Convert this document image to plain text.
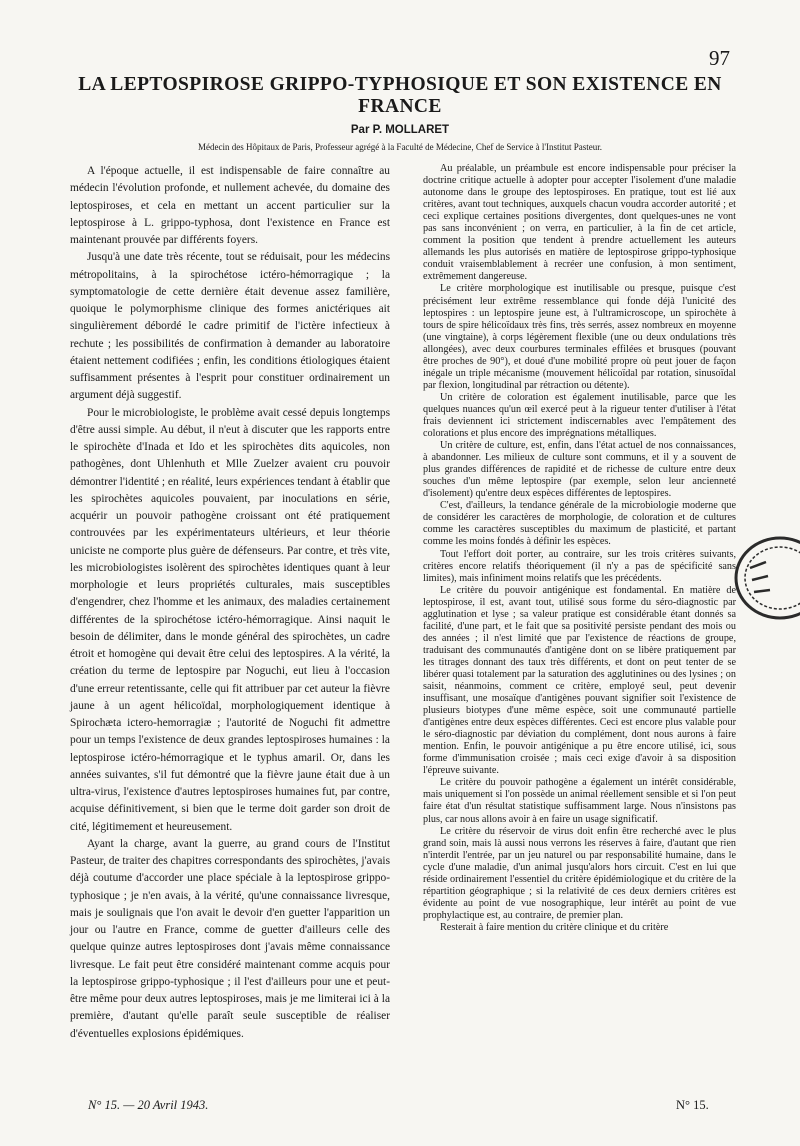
97
LA LEPTOSPIROSE GRIPPO-TYPHOSIQUE ET SON EXISTENCE EN FRANCE

Par P. MOLLARET

Médecin des Hôpitaux de Paris, Professeur agrégé à la Faculté de Médecine, Chef de Service à l'Institut Pasteur.

A l'époque actuelle, il est indispensable de faire connaître au médecin l'évolution profonde, et nullement achevée, du domaine des leptospiroses, et cela en mettant un accent particulier sur la leptospirose à L. grippo-typhosa, dont l'existence en France est maintenant prouvée par différents foyers.

Jusqu'à une date très récente, tout se réduisait, pour les médecins métropolitains, à la spirochétose ictéro-hémorragique ; la symptomatologie de cette dernière était devenue assez familière, quoique le polymorphisme clinique des formes anictériques ait singulièrement débordé le cadre primitif de l'ictère infectieux à rechute ; les possibilités de confirmation à demander au laboratoire étaient nettement codifiées ; enfin, les conditions étiologiques étaient suffisamment présentes à l'esprit pour constituer ordinairement un argument déjà suggestif.

Pour le microbiologiste, le problème avait cessé depuis longtemps d'être aussi simple. Au début, il n'eut à discuter que les rapports entre le spirochète d'Inada et Ido et les spirochètes dits aquicoles, non pathogènes, dont Uhlenhuth et Mlle Zuelzer avaient cru pouvoir démontrer l'identité ; en réalité, leurs expériences tendant à établir que les spirochètes aquicoles pouvaient, par inoculations en série, acquérir un pouvoir pathogène croissant ont été pratiquement controuvées par les expérimentateurs ultérieurs, et leur théorie uniciste ne comporte plus guère de défenseurs. Par contre, et très vite, les microbiologistes isolèrent des spirochètes identiques quant à leur morphologie et leurs propriétés culturales, mais susceptibles d'engendrer, chez l'homme et les animaux, des maladies certainement différentes de la spirochétose ictéro-hémorragique. Ainsi naquit le besoin de délimiter, dans le monde général des spirochètes, un cadre étroit et homogène qui devait être celui des leptospires. A la vérité, la création du terme de leptospire par Noguchi, eut lieu à l'occasion d'une erreur retentissante, celle qui fit attribuer par cet auteur la fièvre jaune à un agent hélicoïdal, morphologiquement identique à Spirochæta ictero-hemorragiæ ; l'autorité de Noguchi fit admettre pour un temps l'existence de deux grandes leptospiroses humaines : la leptospirose ictéro-hémorragique et le typhus amaril. Or, dans les années suivantes, s'il fut démontré que la fièvre jaune était due à un ultra-virus, l'existence d'autres leptospiroses humaines fut, par contre, acquise définitivement, si bien que le terme doit garder son droit de cité, légitimement et heureusement.

Ayant la charge, avant la guerre, au grand cours de l'Institut Pasteur, de traiter des chapitres correspondants des spirochètes, j'avais déjà coutume d'accorder une place spéciale à la leptospirose grippo-typhosique ; je n'en avais, à la vérité, qu'une connaissance livresque, mais je soulignais que l'on avait le devoir d'en guetter l'apparition un jour ou l'autre en France, comme de guetter d'ailleurs celle des quelque quinze autres leptospiroses dont j'avais même connaissance livresque. Le fait peut être considéré maintenant comme acquis pour la leptospirose grippo-typhosique ; il l'est d'ailleurs pour une et peut-être même pour deux autres leptospiroses, mais je me limiterai ici à la première, d'autant qu'elle paraît seule susceptible de réaliser d'éventuelles explosions épidémiques.

Au préalable, un préambule est encore indispensable pour préciser la doctrine critique actuelle à adopter pour accepter l'isolement d'une maladie autonome dans le groupe des leptospiroses. En pratique, tout est lié aux critères, avant tout techniques, auxquels chacun voudra accorder autorité ; et ceci explique certaines positions divergentes, dont quelques-unes ne vont pas sans inconvénient ; on verra, en particulier, à la fin de cet article, comment la position que tendent à prendre actuellement les auteurs allemands les plus autorisés en matière de leptospirose grippo-typhosique conduit vraisemblablement à recréer une confusion, à mon sentiment, extrêmement dangereuse.

Le critère morphologique est inutilisable ou presque, puisque c'est précisément leur extrême ressemblance qui fonde déjà l'unicité des leptospires : un leptospire jeune est, à l'ultramicroscope, un spirochète à tours de spire hélicoïdaux très fins, très serrés, assez nombreux en moyenne (une vingtaine), à corps légèrement flexible (une ou deux ondulations très allongées), avec deux courbures terminales effilées et brusques (pouvant être proches de 90°), et doué d'une mobilité propre où peut jouer de façon inégale un triple mécanisme (mouvement hélicoïdal par rotation, sinusoïdal par flexion, longitudinal par rétraction ou détente).

Un critère de coloration est également inutilisable, parce que les quelques nuances qu'un œil exercé peut à la rigueur tenter d'utiliser à l'état frais deviennent ici strictement indiscernables avec l'empâtement des colorations et plus encore des imprégnations métalliques.

Un critère de culture, est, enfin, dans l'état actuel de nos connaissances, à abandonner. Les milieux de culture sont communs, et il y a souvent de plus grandes différences de rapidité et de richesse de culture entre deux souches d'un même leptospire (par exemple, selon leur ancienneté d'isolement) qu'entre deux espèces différentes de leptospires.

C'est, d'ailleurs, la tendance générale de la microbiologie moderne que de considérer les caractères de morphologie, de coloration et de cultures comme les caractères susceptibles du maximum de plasticité, et partant comme les moins fondés à définir les espèces.

Tout l'effort doit porter, au contraire, sur les trois critères suivants, critères encore relatifs théoriquement (il n'y a pas de spécificité sans limites), mais infiniment moins relatifs que les précédents.

Le critère du pouvoir antigénique est fondamental. En matière de leptospirose, il est, avant tout, utilisé sous forme du séro-diagnostic par agglutination et lyse ; sa valeur pratique est considérable étant donnés sa facilité, d'une part, et le fait que sa positivité persiste pendant des mois ou des années ; il n'est limité que par l'existence de réactions de groupe, traduisant des communautés d'antigène dont on se libère pratiquement par les titrages donnant des taux très différents, et dont on peut tenter de se libérer quasi totalement par la saturation des agglutinines ou des lysines ; on saisit, néanmoins, comment ce critère, employé seul, peut devenir insuffisant, une mosaïque d'antigènes pouvant signifier soit l'existence de plusieurs biotypes d'une même espèce, soit une communauté partielle d'antigènes entre deux espèces différentes. Ceci est encore plus valable pour le séro-diagnostic par déviation du complément, dont nous aurons à faire mention. Enfin, le pouvoir antigénique a pu être encore utilisé, ici, sous forme d'immunisation croisée ; mais ceci exige d'avoir à sa disposition l'épreuve suivante.

Le critère du pouvoir pathogène a également un intérêt considérable, mais uniquement si l'on possède un animal réellement sensible et si l'on peut faire état d'un résultat statistique suffisamment large. Nous n'insistons pas plus, car nous allons avoir à en faire un usage significatif.

Le critère du réservoir de virus doit enfin être recherché avec le plus grand soin, mais là aussi nous verrons les réserves à faire, d'autant que rien n'interdit l'entrée, par un jeu naturel ou par responsabilité humaine, dans le cycle d'une maladie, d'un animal jusqu'alors hors circuit. C'est en lui que réside ordinairement l'essentiel du critère épidémiologique et du critère de la répartition géographique ; si la relativité de ces deux derniers critères est évidente au point de vue nosographique, leur intérêt au point de vue prophylactique est, au contraire, de premier plan.

Resterait à faire mention du critère clinique et du critère

N° 15. — 20 Avril 1943.	N° 15.
